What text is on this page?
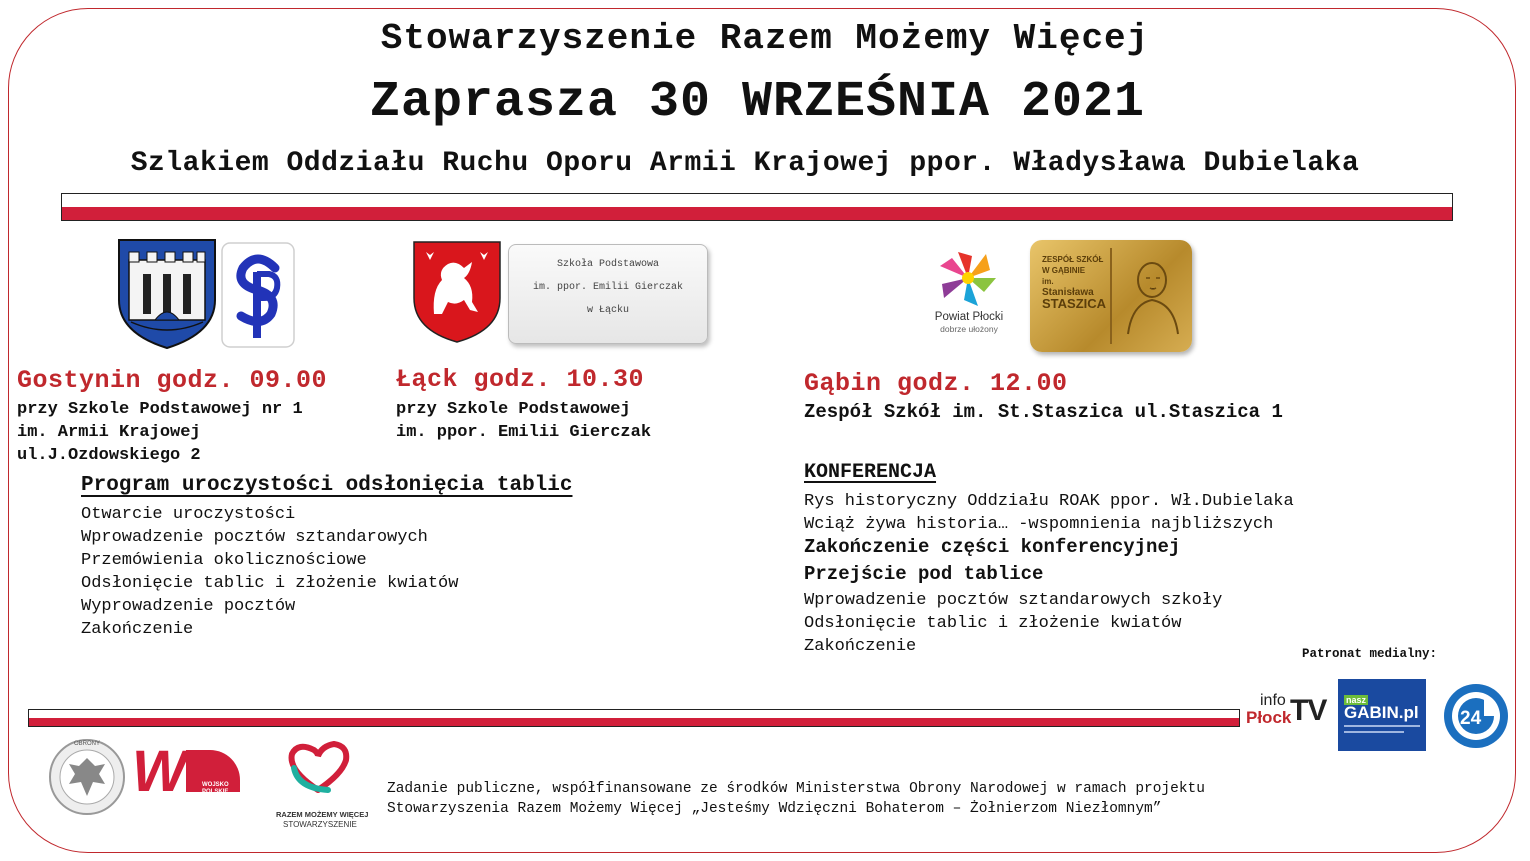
Stowarzyszenie Razem Możemy Więcej
Zaprasza 30 WRZEŚNIA 2021
Szlakiem Oddziału Ruchu Oporu Armii Krajowej ppor. Władysława Dubielaka
Szkoła Podstawowa
im. ppor. Emilii Gierczak
w Łącku
Powiat Płocki
dobrze ułożony
ZESPÓŁ SZKÓŁ
W GĄBINIE
im.
Stanisława
STASZICA
Gostynin godz. 09.00
przy Szkole Podstawowej nr 1
im. Armii Krajowej
ul.J.Ozdowskiego 2
Łąck godz. 10.30
przy Szkole Podstawowej
im. ppor. Emilii Gierczak
Gąbin godz. 12.00
Zespół Szkół im. St.Staszica ul.Staszica 1
Program uroczystości odsłonięcia tablic
Otwarcie uroczystości
Wprowadzenie pocztów sztandarowych
Przemówienia okolicznościowe
Odsłonięcie tablic i złożenie kwiatów
Wyprowadzenie pocztów
Zakończenie
KONFERENCJA
Rys historyczny Oddziału ROAK ppor. Wł.Dubielaka
Wciąż żywa historia… -wspomnienia najbliższych
Zakończenie części konferencyjnej
Przejście pod tablice
Wprowadzenie pocztów sztandarowych szkoły
Odsłonięcie tablic i złożenie kwiatów
Zakończenie	Patronat medialny:
info
Płock
TV nasz
GABIN.pl 24
OBRONY W	WOJSKO
POLSKIE
RAZEM MOŻEMY WIĘCEJ
STOWARZYSZENIE
Zadanie publiczne, współfinansowane ze środków Ministerstwa Obrony Narodowej w ramach projektu
Stowarzyszenia Razem Możemy Więcej „Jesteśmy Wdzięczni Bohaterom – Żołnierzom Niezłomnym”
